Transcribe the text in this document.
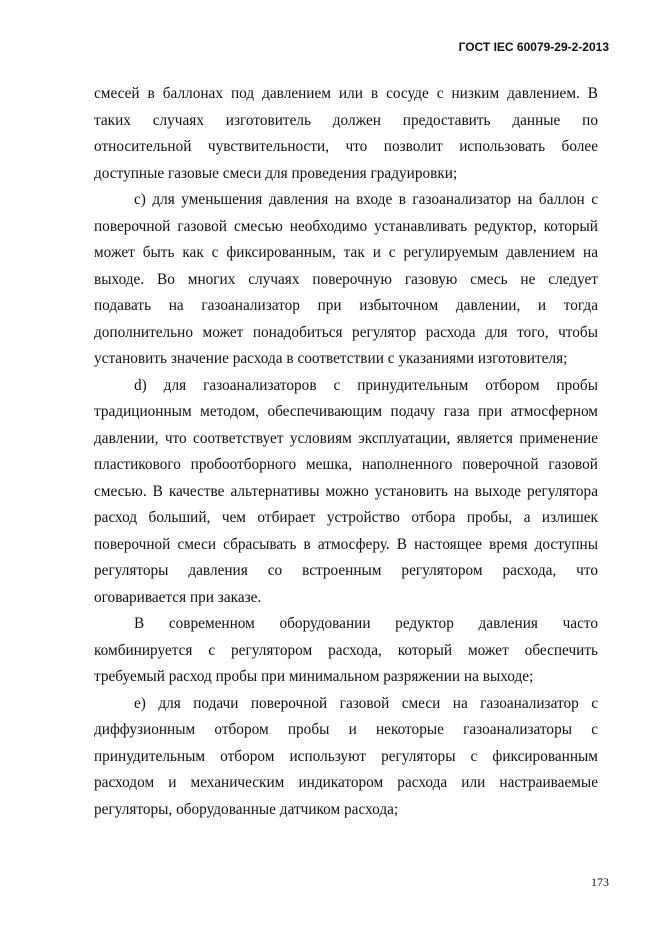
ГОСТ IEC 60079-29-2-2013
смесей в баллонах под давлением или в сосуде с низким давлением. В
таких случаях изготовитель должен предоставить данные по
относительной чувствительности, что позволит использовать более
доступные газовые смеси для проведения градуировки;
с) для уменьшения давления на входе в газоанализатор на баллон с
поверочной газовой смесью необходимо устанавливать редуктор, который
может быть как с фиксированным, так и с регулируемым давлением на
выходе. Во многих случаях поверочную газовую смесь не следует
подавать на газоанализатор при избыточном давлении, и тогда
дополнительно может понадобиться регулятор расхода для того, чтобы
установить значение расхода в соответствии с указаниями изготовителя;
d) для газоанализаторов с принудительным отбором пробы
традиционным методом, обеспечивающим подачу газа при атмосферном
давлении, что соответствует условиям эксплуатации, является применение
пластикового пробоотборного мешка, наполненного поверочной газовой
смесью. В качестве альтернативы можно установить на выходе регулятора
расход больший, чем отбирает устройство отбора пробы, а излишек
поверочной смеси сбрасывать в атмосферу. В настоящее время доступны
регуляторы давления со встроенным регулятором расхода, что
оговаривается при заказе.
В современном оборудовании редуктор давления часто
комбинируется с регулятором расхода, который может обеспечить
требуемый расход пробы при минимальном разряжении на выходе;
е) для подачи поверочной газовой смеси на газоанализатор с
диффузионным отбором пробы и некоторые газоанализаторы с
принудительным отбором используют регуляторы с фиксированным
расходом и механическим индикатором расхода или настраиваемые
регуляторы, оборудованные датчиком расхода;
173
